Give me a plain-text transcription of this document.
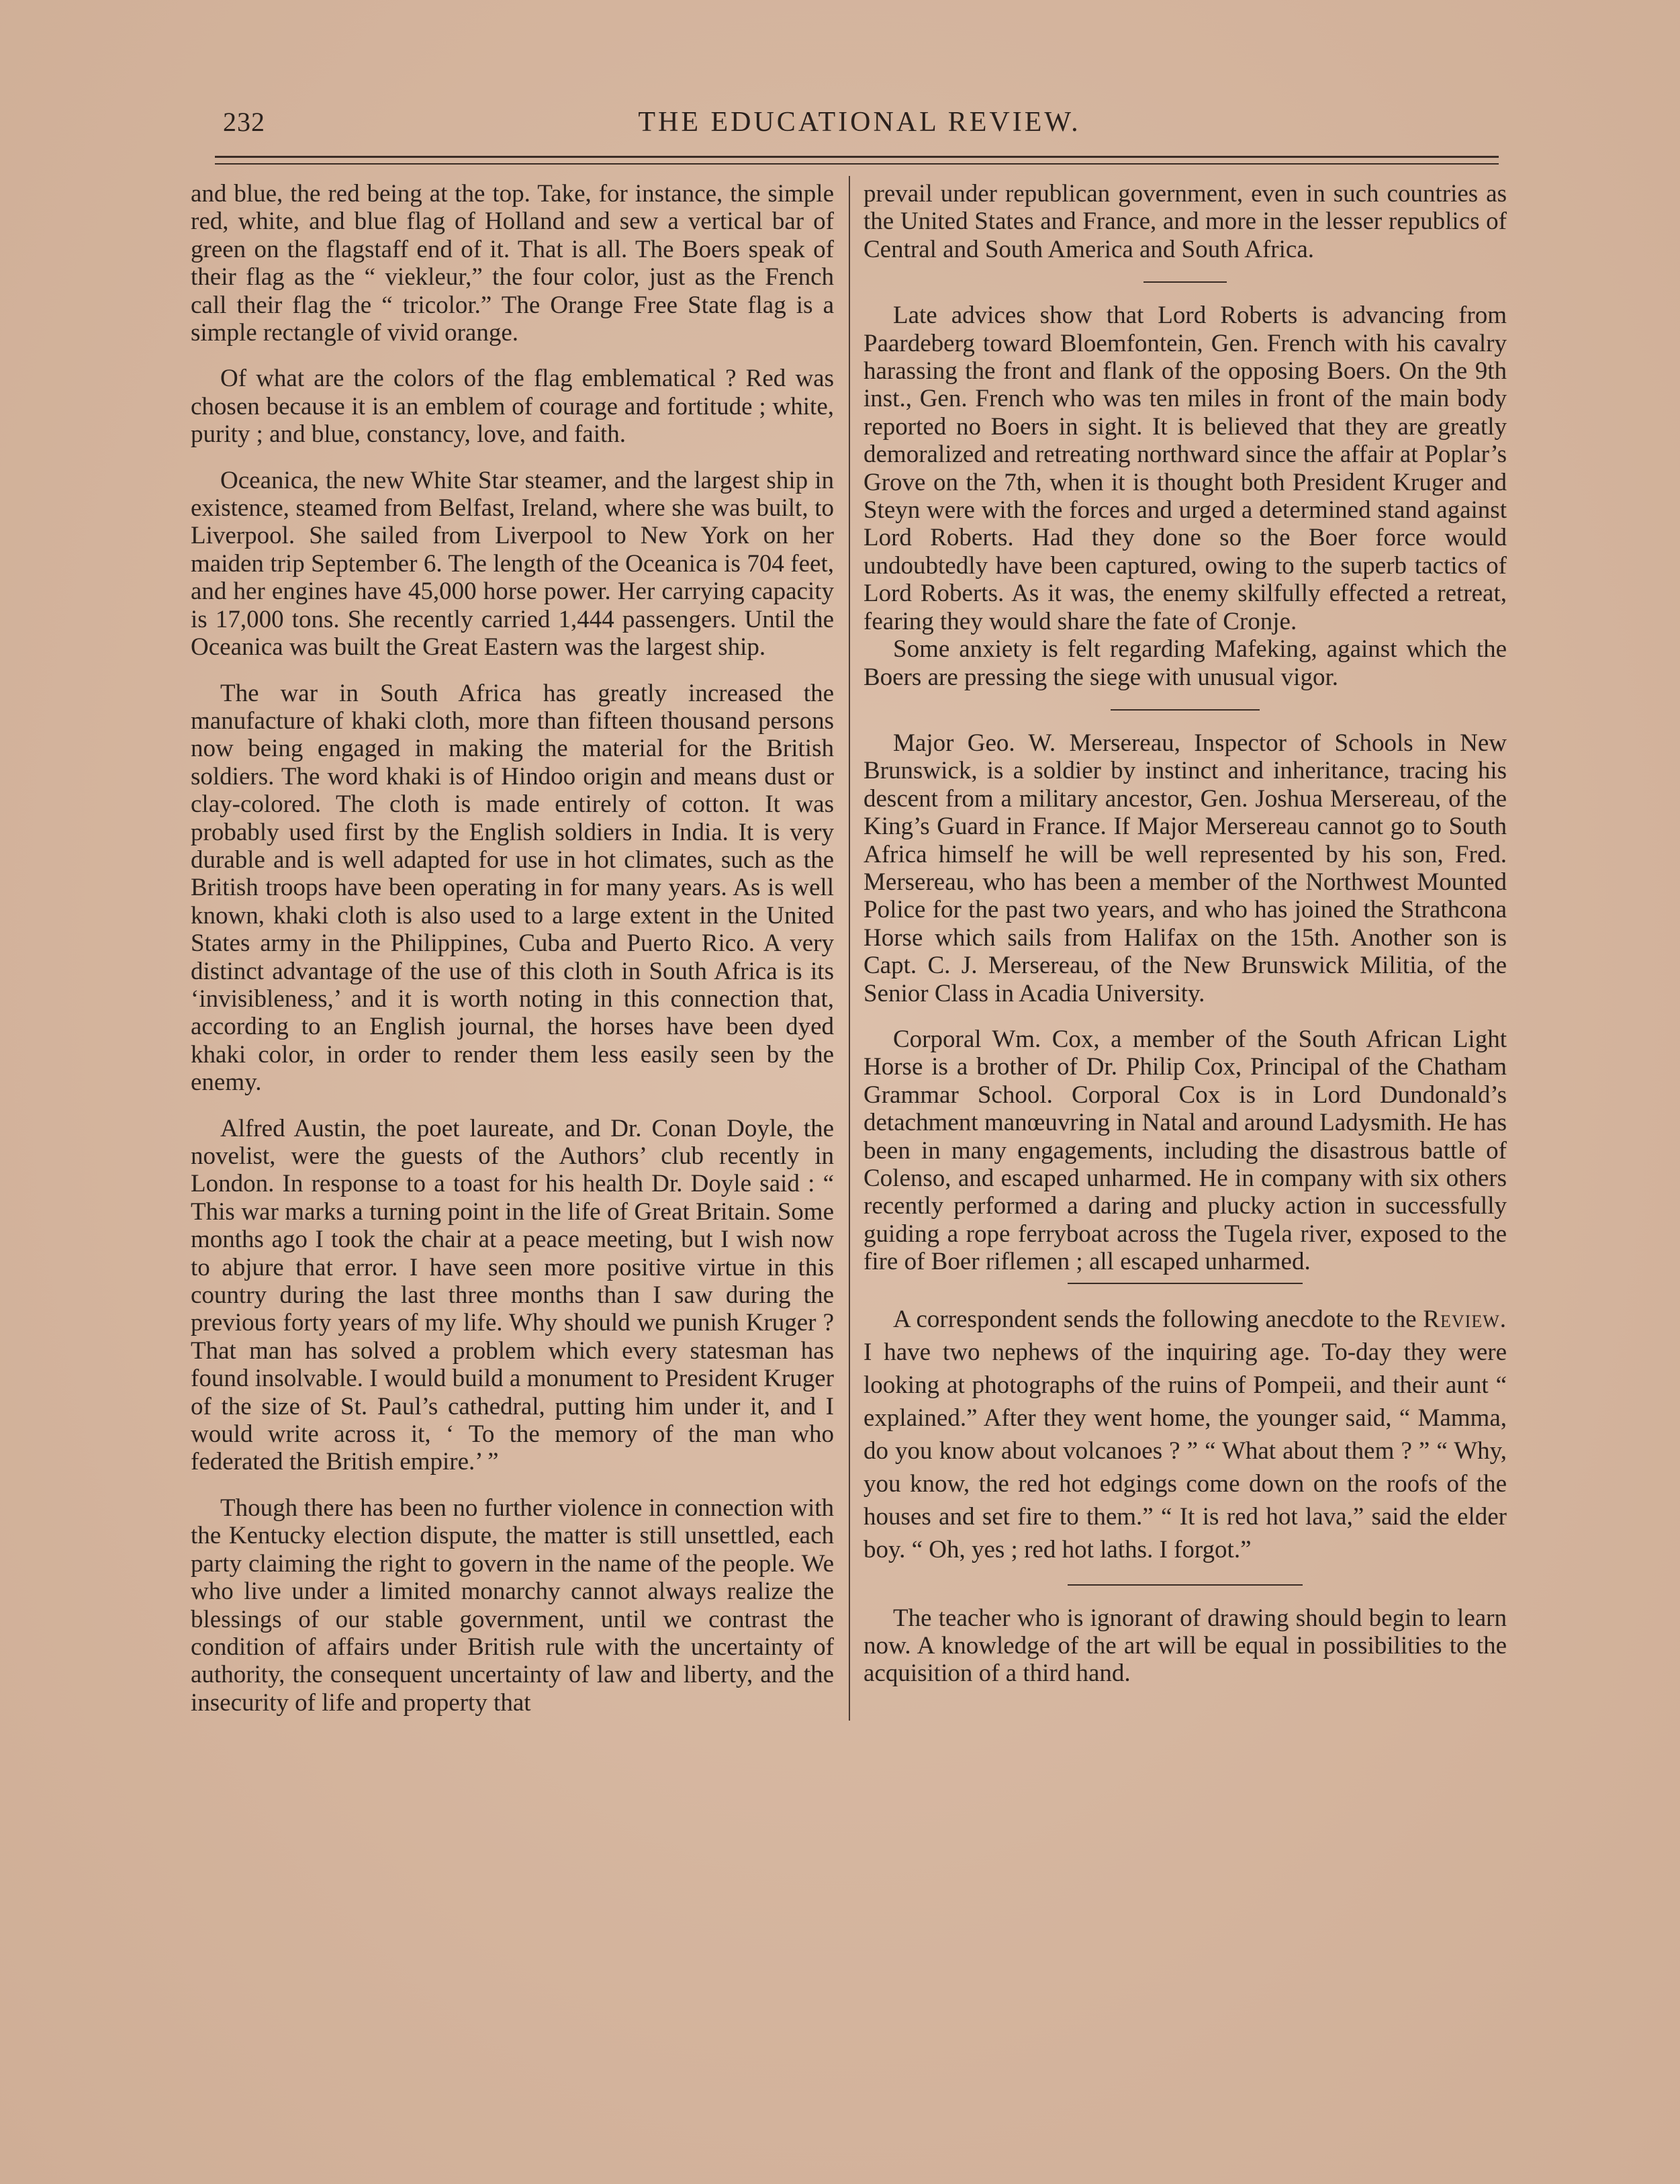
232	THE EDUCATIONAL REVIEW.

and blue, the red being at the top. Take, for instance, the simple red, white, and blue flag of Holland and sew a vertical bar of green on the flagstaff end of it. That is all. The Boers speak of their flag as the “ viekleur,” the four color, just as the French call their flag the “ tricolor.” The Orange Free State flag is a simple rectangle of vivid orange.

Of what are the colors of the flag emblematical ? Red was chosen because it is an emblem of courage and fortitude ; white, purity ; and blue, constancy, love, and faith.

Oceanica, the new White Star steamer, and the largest ship in existence, steamed from Belfast, Ireland, where she was built, to Liverpool. She sailed from Liverpool to New York on her maiden trip September 6. The length of the Oceanica is 704 feet, and her engines have 45,000 horse power. Her carrying capacity is 17,000 tons. She recently carried 1,444 passengers. Until the Oceanica was built the Great Eastern was the largest ship.

The war in South Africa has greatly increased the manufacture of khaki cloth, more than fifteen thousand persons now being engaged in making the material for the British soldiers. The word khaki is of Hindoo origin and means dust or clay-colored. The cloth is made entirely of cotton. It was probably used first by the English soldiers in India. It is very durable and is well adapted for use in hot climates, such as the British troops have been operating in for many years. As is well known, khaki cloth is also used to a large extent in the United States army in the Philippines, Cuba and Puerto Rico. A very distinct advantage of the use of this cloth in South Africa is its ‘invisibleness,’ and it is worth noting in this connection that, according to an English journal, the horses have been dyed khaki color, in order to render them less easily seen by the enemy.

Alfred Austin, the poet laureate, and Dr. Conan Doyle, the novelist, were the guests of the Authors’ club recently in London. In response to a toast for his health Dr. Doyle said : “ This war marks a turning point in the life of Great Britain. Some months ago I took the chair at a peace meeting, but I wish now to abjure that error. I have seen more positive virtue in this country during the last three months than I saw during the previous forty years of my life. Why should we punish Kruger ? That man has solved a problem which every statesman has found insolvable. I would build a monument to President Kruger of the size of St. Paul’s cathedral, putting him under it, and I would write across it, ‘ To the memory of the man who federated the British empire.’ ”

Though there has been no further violence in connection with the Kentucky election dispute, the matter is still unsettled, each party claiming the right to govern in the name of the people. We who live under a limited monarchy cannot always realize the blessings of our stable government, until we contrast the condition of affairs under British rule with the uncertainty of authority, the consequent uncertainty of law and liberty, and the insecurity of life and property that

prevail under republican government, even in such countries as the United States and France, and more in the lesser republics of Central and South America and South Africa.

Late advices show that Lord Roberts is advancing from Paardeberg toward Bloemfontein, Gen. French with his cavalry harassing the front and flank of the opposing Boers. On the 9th inst., Gen. French who was ten miles in front of the main body reported no Boers in sight. It is believed that they are greatly demoralized and retreating northward since the affair at Poplar’s Grove on the 7th, when it is thought both President Kruger and Steyn were with the forces and urged a determined stand against Lord Roberts. Had they done so the Boer force would undoubtedly have been captured, owing to the superb tactics of Lord Roberts. As it was, the enemy skilfully effected a retreat, fearing they would share the fate of Cronje.

Some anxiety is felt regarding Mafeking, against which the Boers are pressing the siege with unusual vigor.

Major Geo. W. Mersereau, Inspector of Schools in New Brunswick, is a soldier by instinct and inheritance, tracing his descent from a military ancestor, Gen. Joshua Mersereau, of the King’s Guard in France. If Major Mersereau cannot go to South Africa himself he will be well represented by his son, Fred. Mersereau, who has been a member of the Northwest Mounted Police for the past two years, and who has joined the Strathcona Horse which sails from Halifax on the 15th. Another son is Capt. C. J. Mersereau, of the New Brunswick Militia, of the Senior Class in Acadia University.

Corporal Wm. Cox, a member of the South African Light Horse is a brother of Dr. Philip Cox, Principal of the Chatham Grammar School. Corporal Cox is in Lord Dundonald’s detachment manœuvring in Natal and around Ladysmith. He has been in many engagements, including the disastrous battle of Colenso, and escaped unharmed. He in company with six others recently performed a daring and plucky action in successfully guiding a rope ferryboat across the Tugela river, exposed to the fire of Boer riflemen ; all escaped unharmed.

A correspondent sends the following anecdote to the Review. I have two nephews of the inquiring age. To-day they were looking at photographs of the ruins of Pompeii, and their aunt “ explained.” After they went home, the younger said, “ Mamma, do you know about volcanoes ? ” “ What about them ? ” “ Why, you know, the red hot edgings come down on the roofs of the houses and set fire to them.” “ It is red hot lava,” said the elder boy. “ Oh, yes ; red hot laths. I forgot.”

The teacher who is ignorant of drawing should begin to learn now. A knowledge of the art will be equal in possibilities to the acquisition of a third hand.
